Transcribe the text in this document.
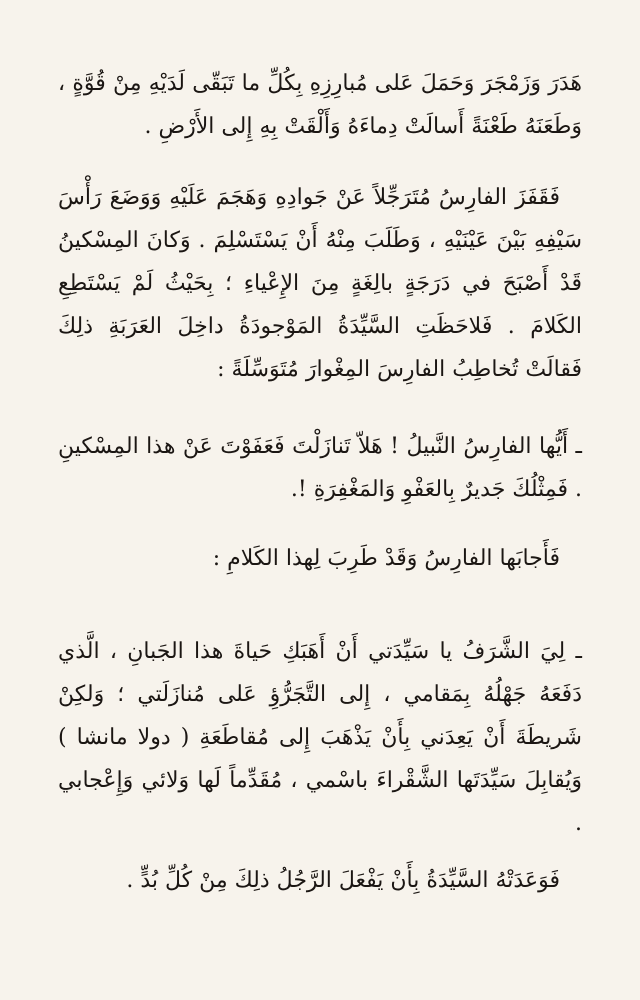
هَدَرَ وَزَمْجَرَ وَحَمَلَ عَلى مُبارِزِهِ بِكُلِّ ما تَبَقّى لَدَيْهِ مِنْ قُوَّةٍ ، وَطَعَنَهُ طَعْنَةً أَسالَتْ دِماءَهُ وَأَلْقَتْ بِهِ إِلى الأَرْضِ .

فَقَفَزَ الفارِسُ مُتَرَجِّلاً عَنْ جَوادِهِ وَهَجَمَ عَلَيْهِ وَوَضَعَ رَأْسَ سَيْفِهِ بَيْنَ عَيْنَيْهِ ، وَطَلَبَ مِنْهُ أَنْ يَسْتَسْلِمَ . وَكانَ المِسْكينُ قَدْ أَصْبَحَ في دَرَجَةٍ بالِغَةٍ مِنَ الإِعْياءِ ؛ بِحَيْثُ لَمْ يَسْتَطِعِ الكَلامَ . فَلاحَظَتِ السَّيِّدَةُ المَوْجودَةُ داخِلَ العَرَبَةِ ذلِكَ فَقالَتْ تُخاطِبُ الفارِسَ المِغْوارَ مُتَوَسِّلَةً :

ـ أَيُّها الفارِسُ النَّبيلُ ! هَلاّ تَنازَلْتَ فَعَفَوْتَ عَنْ هذا المِسْكينِ . فَمِثْلُكَ جَديرٌ بِالعَفْوِ وَالمَغْفِرَةِ !.

فَأَجابَها الفارِسُ وَقَدْ طَرِبَ لِهذا الكَلامِ :

ـ لِيَ الشَّرَفُ يا سَيِّدَتي أَنْ أَهَبَكِ حَياةَ هذا الجَبانِ ، الَّذي دَفَعَهُ جَهْلُهُ بِمَقامي ، إِلى التَّجَرُّؤِ عَلى مُنازَلَتي ؛ وَلكِنْ شَريطَةَ أَنْ يَعِدَني بِأَنْ يَذْهَبَ إِلى مُقاطَعَةِ ( دولا مانشا ) وَيُقابِلَ سَيِّدَتَها الشَّقْراءَ باسْمي ، مُقَدِّماً لَها وَلائي وَإِعْجابي .

فَوَعَدَتْهُ السَّيِّدَةُ بِأَنْ يَفْعَلَ الرَّجُلُ ذلِكَ مِنْ كُلِّ بُدٍّ .
